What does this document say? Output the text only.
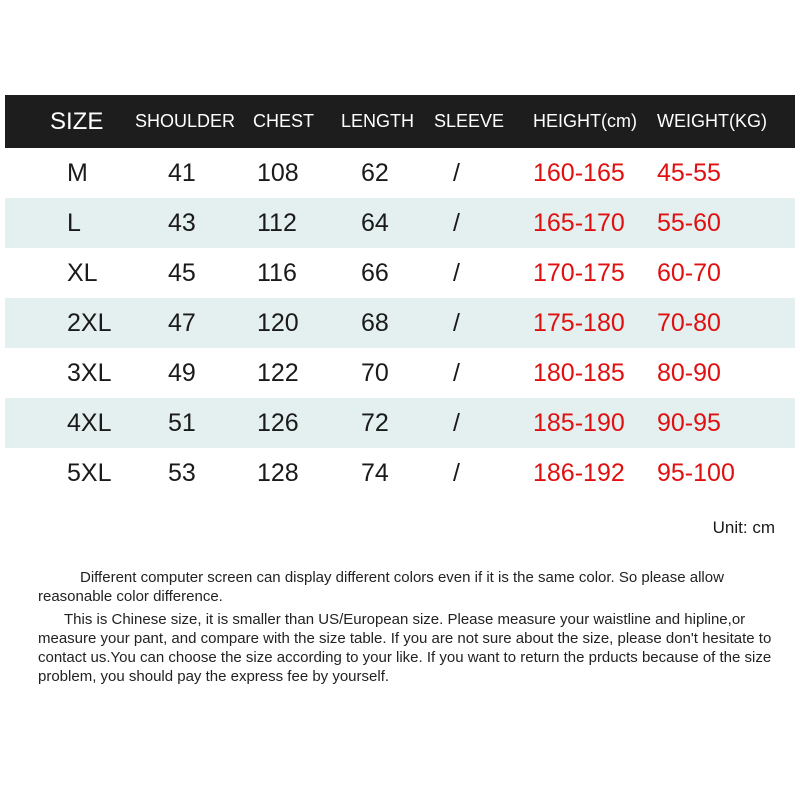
SIZE SHOULDER CHEST LENGTH SLEEVE HEIGHT(cm) WEIGHT(KG)
M	41 108 62	/	160-165 45-55
L	43 112	64	/	165-170 55-60
XL	45 116	66	/	170-175 60-70
2XL 47 120 68	/	175-180 70-80
3XL 49 122 70	/	180-185 80-90
4XL 51 126 72	/	185-190 90-95
5XL 53 128 74	/	186-192 95-100
Unit: cm

Different computer screen can display different colors even if it is the same color. So please allow reasonable color difference.

This is Chinese size, it is smaller than US/European size. Please measure your waistline and hipline,or measure your pant, and compare with the size table. If you are not sure about the size, please don't hesitate to contact us.You can choose the size according to your like. If you want to return the prducts because of the size problem, you should pay the express fee by yourself.
